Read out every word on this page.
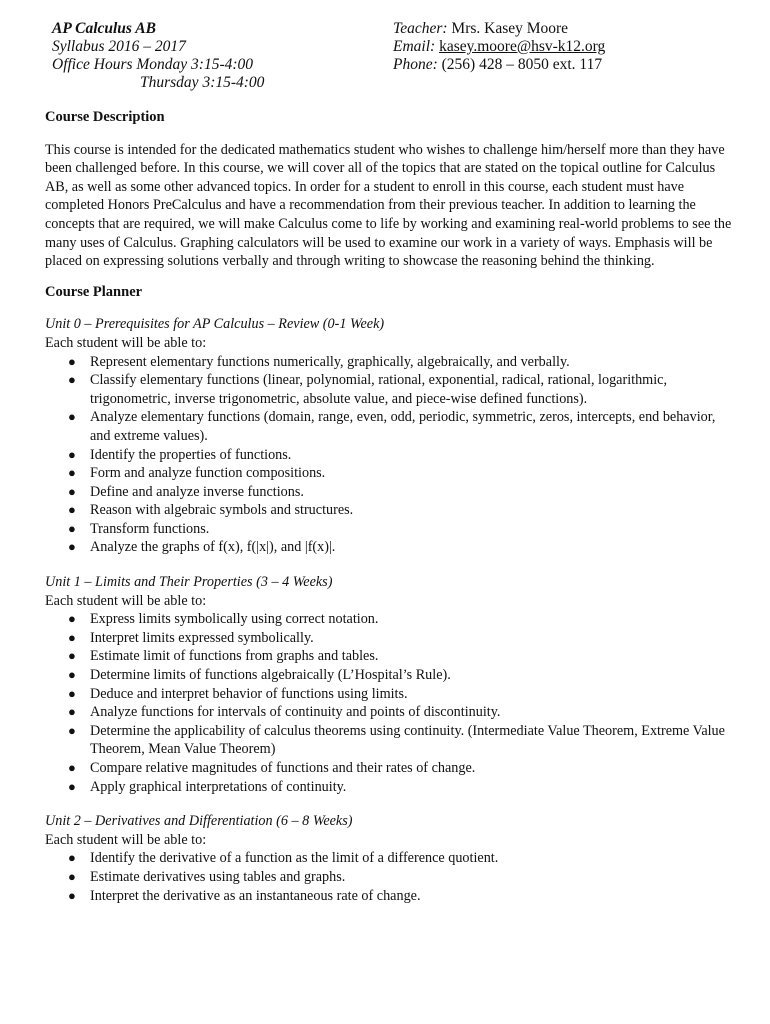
AP Calculus AB
Syllabus 2016 – 2017
Office Hours Monday 3:15-4:00
Thursday 3:15-4:00
Teacher: Mrs. Kasey Moore
Email: kasey.moore@hsv-k12.org
Phone: (256) 428 – 8050 ext. 117
Course Description
This course is intended for the dedicated mathematics student who wishes to challenge him/herself more than they have been challenged before. In this course, we will cover all of the topics that are stated on the topical outline for Calculus AB, as well as some other advanced topics. In order for a student to enroll in this course, each student must have completed Honors PreCalculus and have a recommendation from their previous teacher. In addition to learning the concepts that are required, we will make Calculus come to life by working and examining real-world problems to see the many uses of Calculus. Graphing calculators will be used to examine our work in a variety of ways. Emphasis will be placed on expressing solutions verbally and through writing to showcase the reasoning behind the thinking.
Course Planner
Unit 0 – Prerequisites for AP Calculus – Review (0-1 Week)
Each student will be able to:
● Represent elementary functions numerically, graphically, algebraically, and verbally.
● Classify elementary functions (linear, polynomial, rational, exponential, radical, rational, logarithmic, trigonometric, inverse trigonometric, absolute value, and piece-wise defined functions).
● Analyze elementary functions (domain, range, even, odd, periodic, symmetric, zeros, intercepts, end behavior, and extreme values).
● Identify the properties of functions.
● Form and analyze function compositions.
● Define and analyze inverse functions.
● Reason with algebraic symbols and structures.
● Transform functions.
● Analyze the graphs of f(x), f(|x|), and |f(x)|.
Unit 1 – Limits and Their Properties (3 – 4 Weeks)
Each student will be able to:
● Express limits symbolically using correct notation.
● Interpret limits expressed symbolically.
● Estimate limit of functions from graphs and tables.
● Determine limits of functions algebraically (L’Hospital’s Rule).
● Deduce and interpret behavior of functions using limits.
● Analyze functions for intervals of continuity and points of discontinuity.
● Determine the applicability of calculus theorems using continuity. (Intermediate Value Theorem, Extreme Value Theorem, Mean Value Theorem)
● Compare relative magnitudes of functions and their rates of change.
● Apply graphical interpretations of continuity.
Unit 2 – Derivatives and Differentiation (6 – 8 Weeks)
Each student will be able to:
● Identify the derivative of a function as the limit of a difference quotient.
● Estimate derivatives using tables and graphs.
● Interpret the derivative as an instantaneous rate of change.
